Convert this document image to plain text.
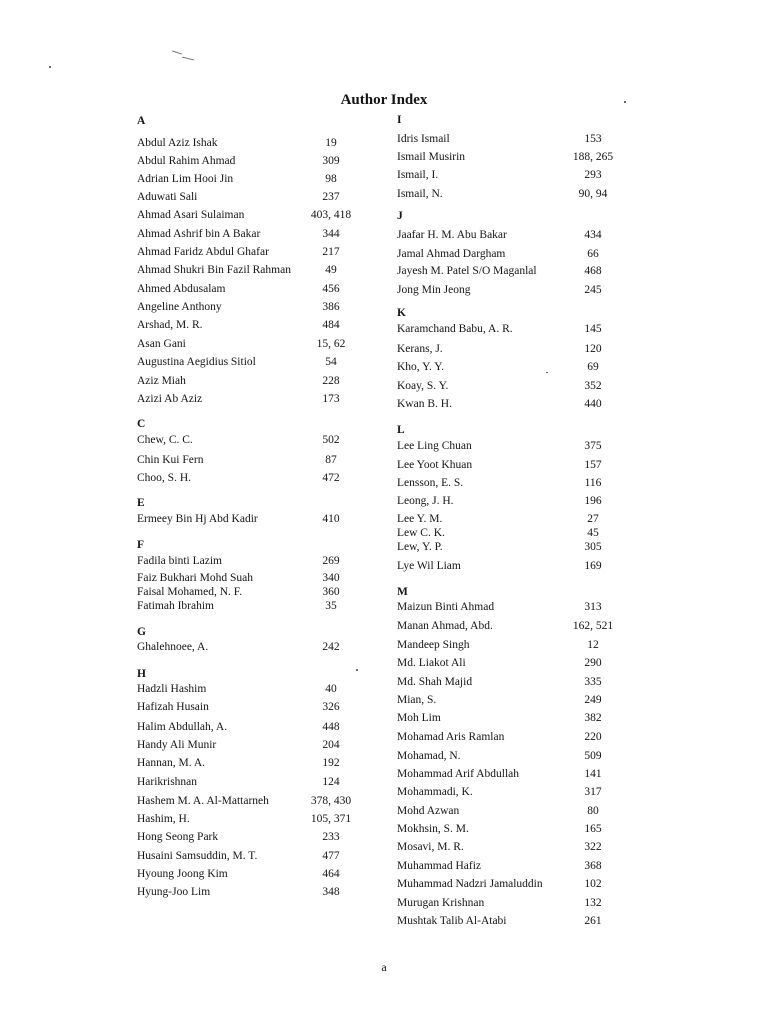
Author Index
A
Abdul Aziz Ishak	19
Abdul Rahim Ahmad	309
Adrian Lim Hooi Jin	98
Aduwati Sali	237
Ahmad Asari Sulaiman	403, 418
Ahmad Ashrif bin A Bakar	344
Ahmad Faridz Abdul Ghafar	217
Ahmad Shukri Bin Fazil Rahman	49
Ahmed Abdusalam	456
Angeline Anthony	386
Arshad, M. R.	484
Asan Gani	15, 62
Augustina Aegidius Sitiol	54
Aziz Miah	228
Azizi Ab Aziz	173
C
Chew, C. C.	502
Chin Kui Fern	87
Choo, S. H.	472
E
Ermeey Bin Hj Abd Kadir	410
F
Fadila binti Lazim	269
Faiz Bukhari Mohd Suah	340
Faisal Mohamed, N. F.	360
Fatimah Ibrahim	35
G
Ghalehnoee, A.	242
H
Hadzli Hashim	40
Hafizah Husain	326
Halim Abdullah, A.	448
Handy Ali Munir	204
Hannan, M. A.	192
Harikrishnan	124
Hashem M. A. Al-Mattarneh	378, 430
Hashim, H.	105, 371
Hong Seong Park	233
Husaini Samsuddin, M. T.	477
Hyoung Joong Kim	464
Hyung-Joo Lim	348
I
Idris Ismail	153
Ismail Musirin	188, 265
Ismail, I.	293
Ismail, N.	90, 94
J
Jaafar H. M. Abu Bakar	434
Jamal Ahmad Dargham	66
Jayesh M. Patel S/O Maganlal	468
Jong Min Jeong	245
K
Karamchand Babu, A. R.	145
Kerans, J.	120
Kho, Y. Y.	69
Koay, S. Y.	352
Kwan B. H.	440
L
Lee Ling Chuan	375
Lee Yoot Khuan	157
Lensson, E. S.	116
Leong, J. H.	196
Lee Y. M.	27
Lew C. K.	45
Lew, Y. P.	305
Lye Wil Liam	169
M
Maizun Binti Ahmad	313
Manan Ahmad, Abd.	162, 521
Mandeep Singh	12
Md. Liakot Ali	290
Md. Shah Majid	335
Mian, S.	249
Moh Lim	382
Mohamad Aris Ramlan	220
Mohamad, N.	509
Mohammad Arif Abdullah	141
Mohammadi, K.	317
Mohd Azwan	80
Mokhsin, S. M.	165
Mosavi, M. R.	322
Muhammad Hafiz	368
Muhammad Nadzri Jamaluddin	102
Murugan Krishnan	132
Mushtak Talib Al-Atabi	261
a
